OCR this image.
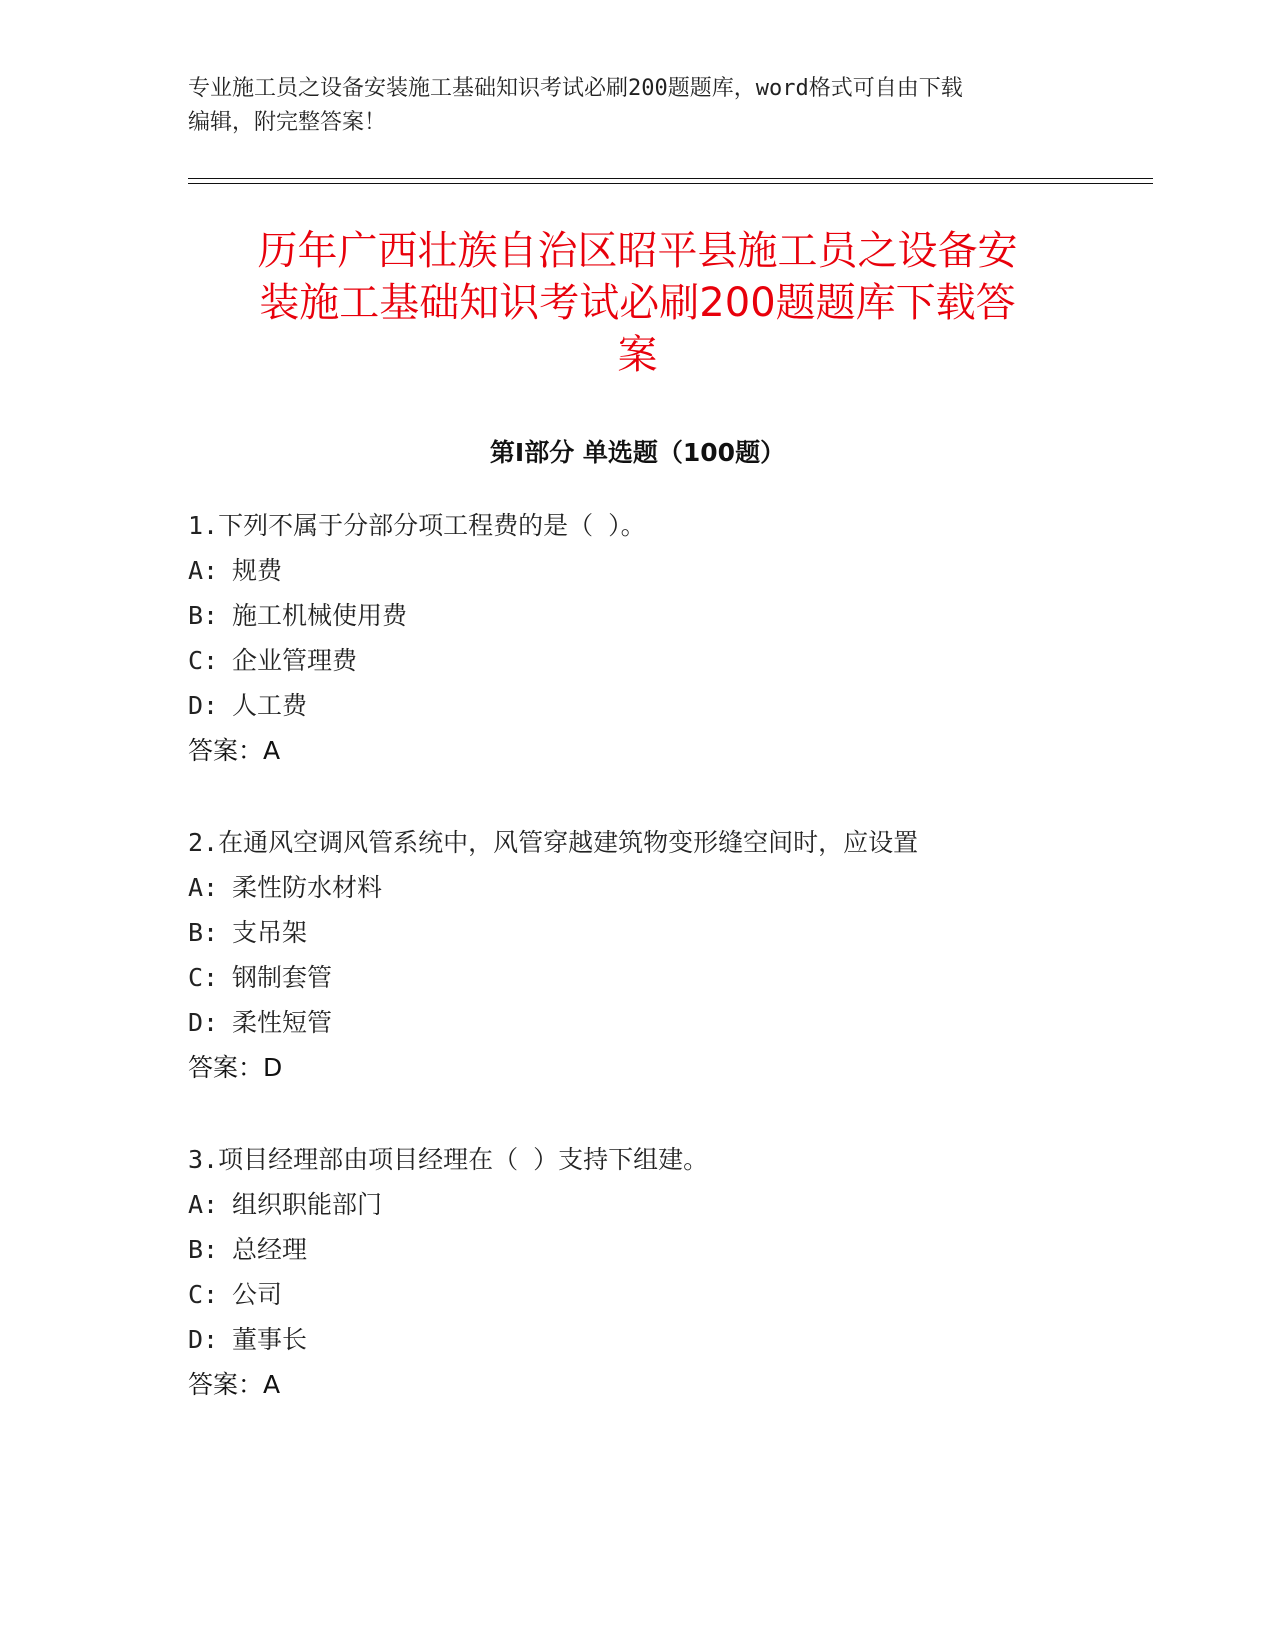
专业施工员之设备安装施工基础知识考试必刷200题题库，word格式可自由下载

编辑，附完整答案！

历年广西壮族自治区昭平县施工员之设备安
装施工基础知识考试必刷200题题库下载答
案
第I部分 单选题（100题）

1.下列不属于分部分项工程费的是（ ）。

A: 规费

B: 施工机械使用费

C: 企业管理费

D: 人工费

答案：A

2.在通风空调风管系统中，风管穿越建筑物变形缝空间时，应设置

A: 柔性防水材料

B: 支吊架

C: 钢制套管

D: 柔性短管

答案：D

3.项目经理部由项目经理在（ ）支持下组建。

A: 组织职能部门

B: 总经理

C: 公司

D: 董事长

答案：A
